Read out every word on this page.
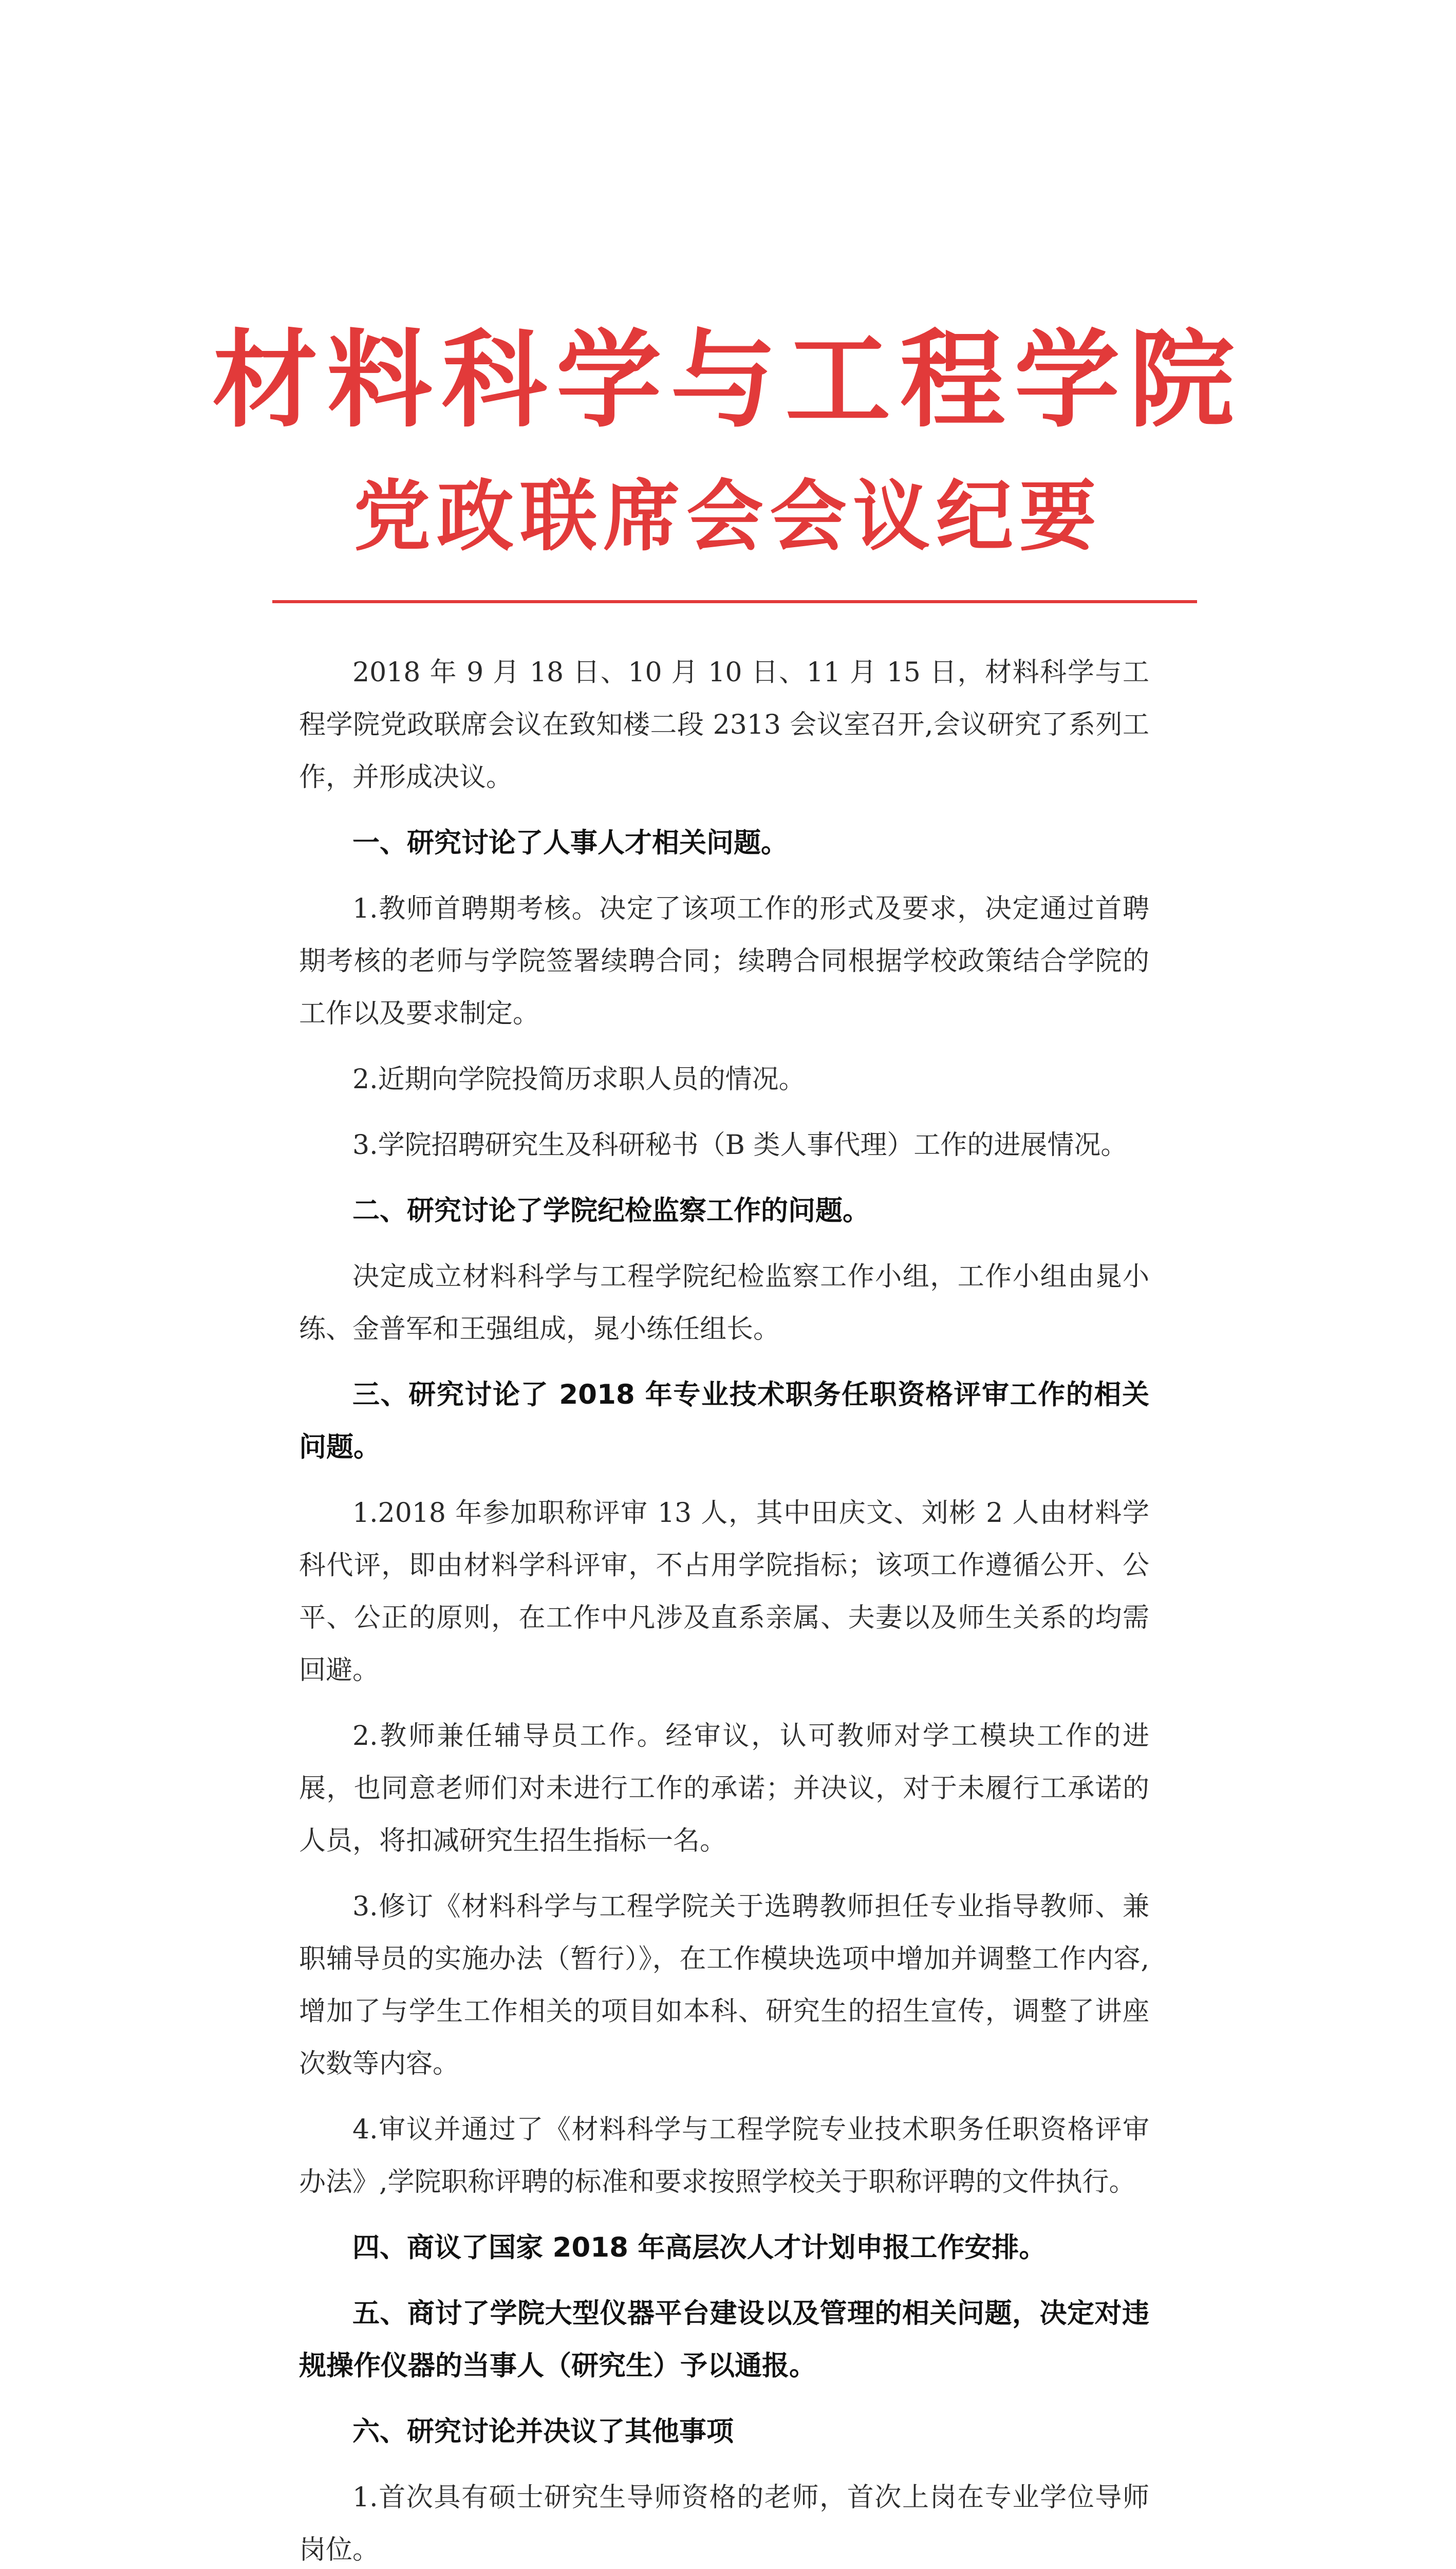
材料科学与工程学院
党政联席会会议纪要

2018 年 9 月 18 日、10 月 10 日、11 月 15 日，材料科学与工程学院党政联席会议在致知楼二段 2313 会议室召开,会议研究了系列工作，并形成决议。

一、研究讨论了人事人才相关问题。

1.教师首聘期考核。决定了该项工作的形式及要求，决定通过首聘期考核的老师与学院签署续聘合同；续聘合同根据学校政策结合学院的工作以及要求制定。

2.近期向学院投简历求职人员的情况。

3.学院招聘研究生及科研秘书（B 类人事代理）工作的进展情况。

二、研究讨论了学院纪检监察工作的问题。

决定成立材料科学与工程学院纪检监察工作小组，工作小组由晁小练、金普军和王强组成，晁小练任组长。

三、研究讨论了 2018 年专业技术职务任职资格评审工作的相关问题。

1.2018 年参加职称评审 13 人，其中田庆文、刘彬 2 人由材料学科代评，即由材料学科评审，不占用学院指标；该项工作遵循公开、公平、公正的原则，在工作中凡涉及直系亲属、夫妻以及师生关系的均需回避。

2.教师兼任辅导员工作。经审议，认可教师对学工模块工作的进展，也同意老师们对未进行工作的承诺；并决议，对于未履行工承诺的人员，将扣减研究生招生指标一名。

3.修订《材料科学与工程学院关于选聘教师担任专业指导教师、兼职辅导员的实施办法（暂行）》，在工作模块选项中增加并调整工作内容,增加了与学生工作相关的项目如本科、研究生的招生宣传，调整了讲座次数等内容。

4.审议并通过了《材料科学与工程学院专业技术职务任职资格评审办法》,学院职称评聘的标准和要求按照学校关于职称评聘的文件执行。

四、商议了国家 2018 年高层次人才计划申报工作安排。

五、商讨了学院大型仪器平台建设以及管理的相关问题，决定对违规操作仪器的当事人（研究生）予以通报。

六、研究讨论并决议了其他事项

1.首次具有硕士研究生导师资格的老师，首次上岗在专业学位导师岗位。
